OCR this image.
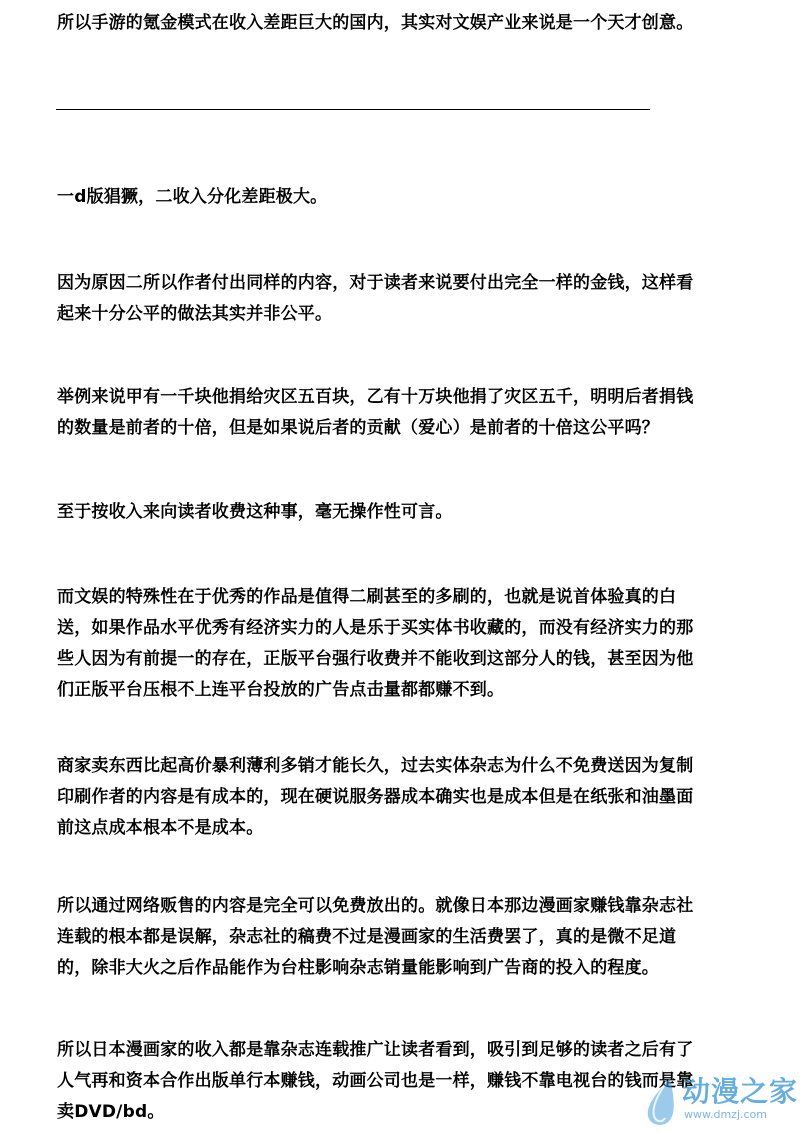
所以手游的氪金模式在收入差距巨大的国内，其实对文娱产业来说是一个天才创意。

一d版猖獗，二收入分化差距极大。

因为原因二所以作者付出同样的内容，对于读者来说要付出完全一样的金钱，这样看
起来十分公平的做法其实并非公平。

举例来说甲有一千块他捐给灾区五百块，乙有十万块他捐了灾区五千，明明后者捐钱
的数量是前者的十倍，但是如果说后者的贡献（爱心）是前者的十倍这公平吗？

至于按收入来向读者收费这种事，毫无操作性可言。

而文娱的特殊性在于优秀的作品是值得二刷甚至的多刷的，也就是说首体验真的白
送，如果作品水平优秀有经济实力的人是乐于买实体书收藏的，而没有经济实力的那
些人因为有前提一的存在，正版平台强行收费并不能收到这部分人的钱，甚至因为他
们正版平台压根不上连平台投放的广告点击量都都赚不到。

商家卖东西比起高价暴利薄利多销才能长久，过去实体杂志为什么不免费送因为复制
印刷作者的内容是有成本的，现在硬说服务器成本确实也是成本但是在纸张和油墨面
前这点成本根本不是成本。

所以通过网络贩售的内容是完全可以免费放出的。就像日本那边漫画家赚钱靠杂志社
连载的根本都是误解，杂志社的稿费不过是漫画家的生活费罢了，真的是微不足道
的，除非大火之后作品能作为台柱影响杂志销量能影响到广告商的投入的程度。

所以日本漫画家的收入都是靠杂志连载推广让读者看到，吸引到足够的读者之后有了
人气再和资本合作出版单行本赚钱，动画公司也是一样，赚钱不靠电视台的钱而是靠
卖DVD/bd。

动漫之家
www.dmzj.com
